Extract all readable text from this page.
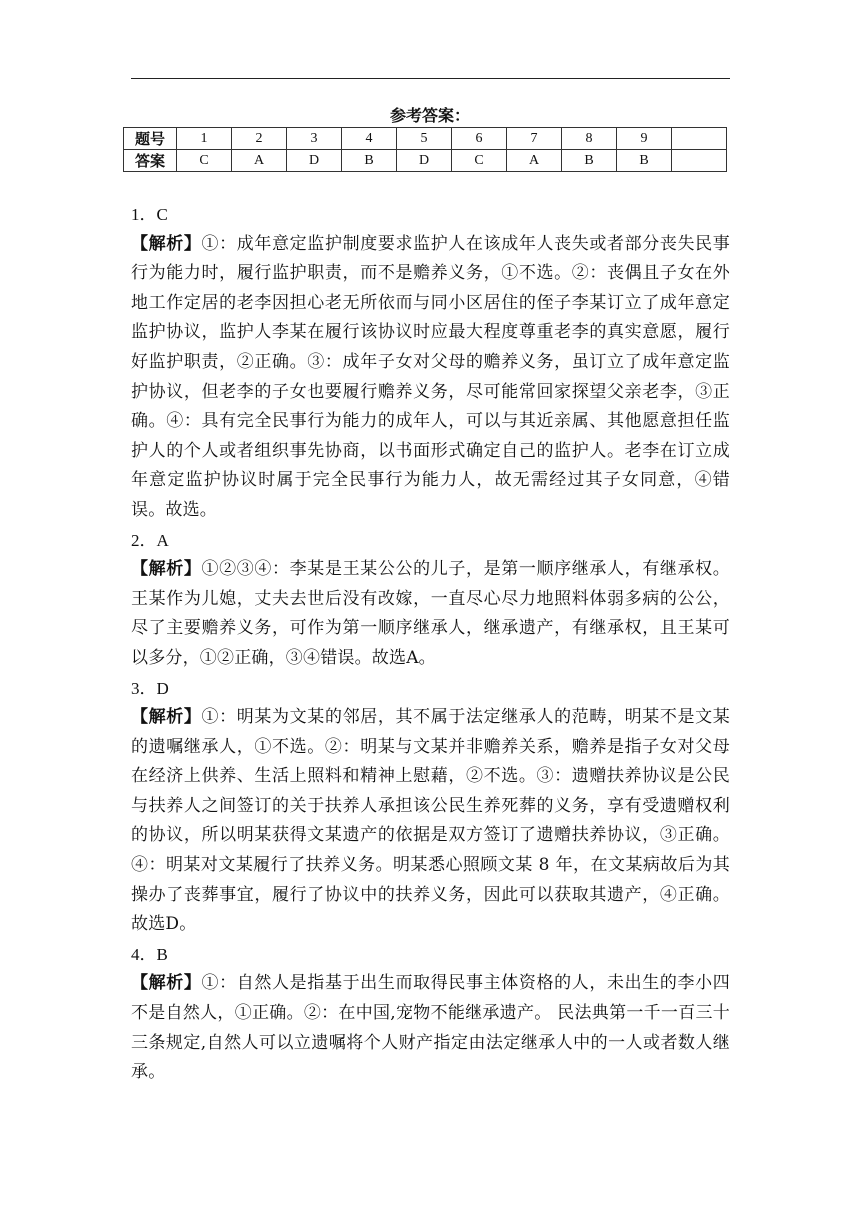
参考答案：
题号	1	2	3	4	5	6	7	8	9	
答案	C	A	D	B	D	C	A	B	B	
1．C
【解析】①：成年意定监护制度要求监护人在该成年人丧失或者部分丧失民事行为能力时，履行监护职责，而不是赡养义务，①不选。②：丧偶且子女在外地工作定居的老李因担心老无所依而与同小区居住的侄子李某订立了成年意定监护协议，监护人李某在履行该协议时应最大程度尊重老李的真实意愿，履行好监护职责，②正确。③：成年子女对父母的赡养义务，虽订立了成年意定监护协议，但老李的子女也要履行赡养义务，尽可能常回家探望父亲老李，③正确。④：具有完全民事行为能力的成年人，可以与其近亲属、其他愿意担任监护人的个人或者组织事先协商，以书面形式确定自己的监护人。老李在订立成年意定监护协议时属于完全民事行为能力人，故无需经过其子女同意，④错误。故选。
2．A
【解析】①②③④：李某是王某公公的儿子，是第一顺序继承人，有继承权。王某作为儿媳，丈夫去世后没有改嫁，一直尽心尽力地照料体弱多病的公公，尽了主要赡养义务，可作为第一顺序继承人，继承遗产，有继承权，且王某可以多分，①②正确，③④错误。故选A。
3．D
【解析】①：明某为文某的邻居，其不属于法定继承人的范畴，明某不是文某的遗嘱继承人，①不选。②：明某与文某并非赡养关系，赡养是指子女对父母在经济上供养、生活上照料和精神上慰藉，②不选。③：遗赠扶养协议是公民与扶养人之间签订的关于扶养人承担该公民生养死葬的义务，享有受遗赠权利的协议，所以明某获得文某遗产的依据是双方签订了遗赠扶养协议，③正确。④：明某对文某履行了扶养义务。明某悉心照顾文某 8 年，在文某病故后为其操办了丧葬事宜，履行了协议中的扶养义务，因此可以获取其遗产，④正确。故选D。
4．B
【解析】①：自然人是指基于出生而取得民事主体资格的人，未出生的李小四不是自然人，①正确。②：在中国,宠物不能继承遗产。 民法典第一千一百三十三条规定,自然人可以立遗嘱将个人财产指定由法定继承人中的一人或者数人继承。
